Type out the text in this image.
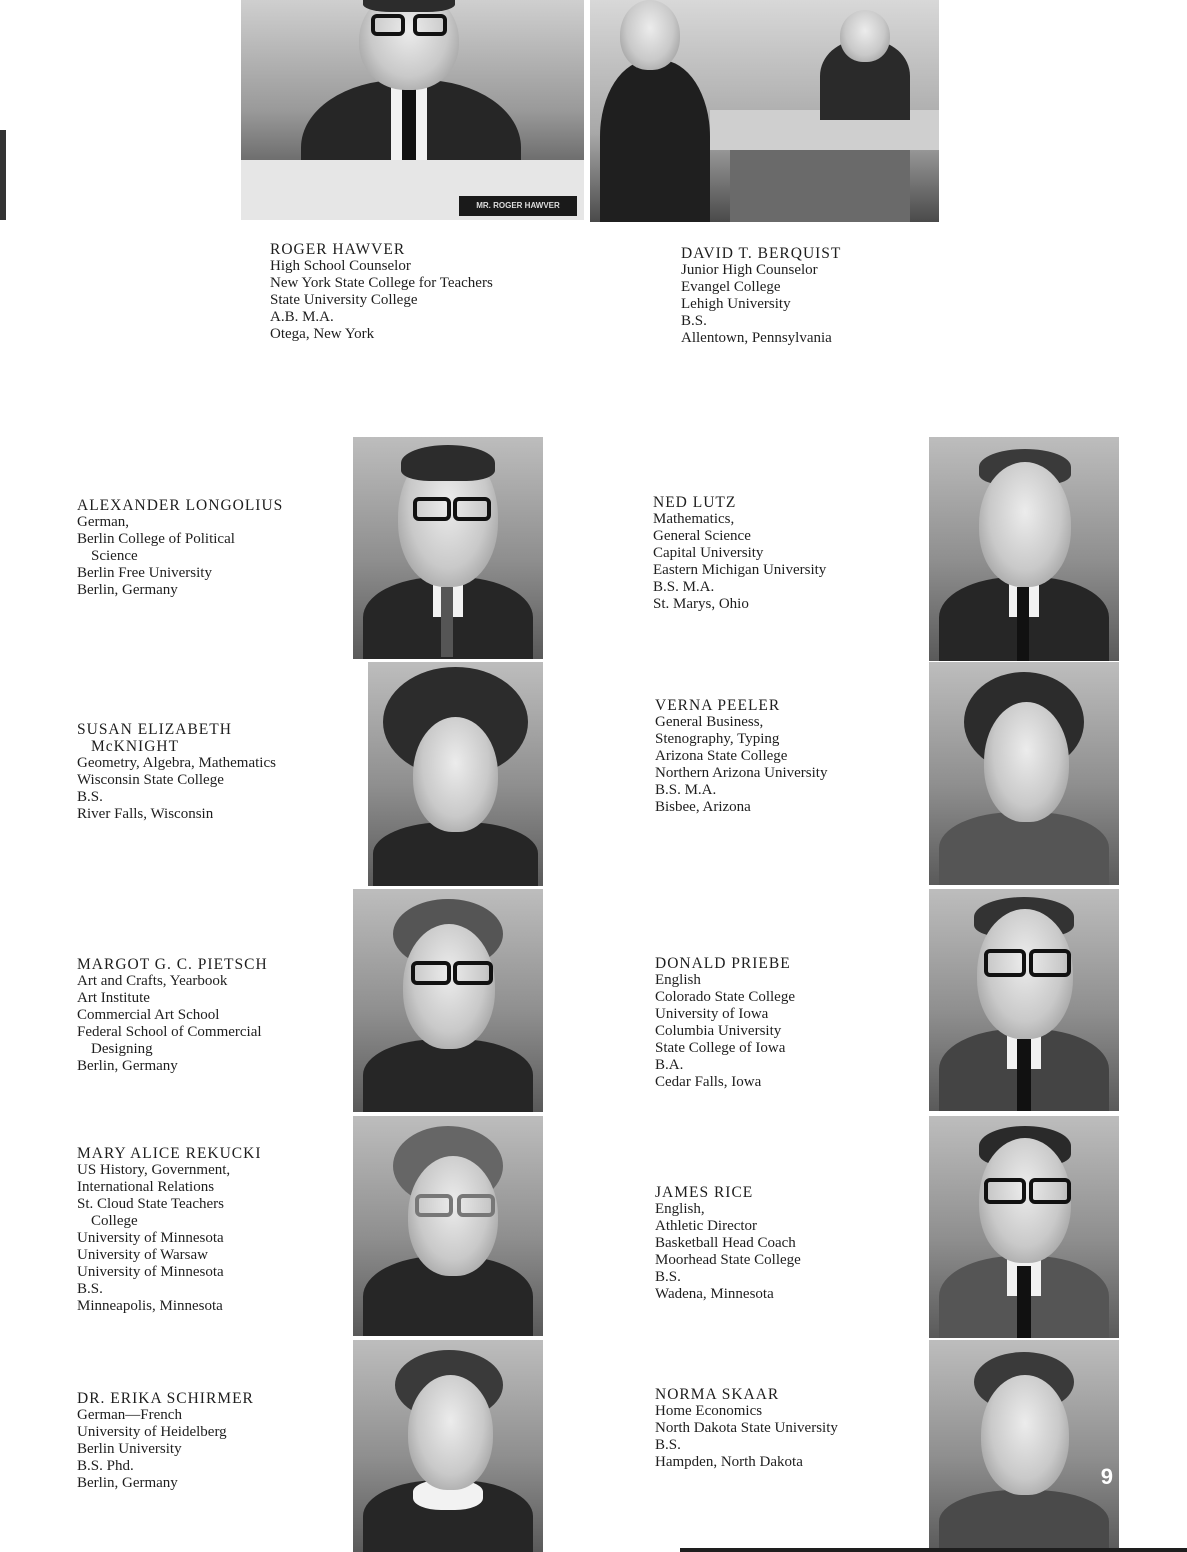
MR. ROGER HAWVER
ROGER HAWVER
High School Counselor
New York State College for Teachers
State University College
A.B. M.A.
Otega, New York
DAVID T. BERQUIST
Junior High Counselor
Evangel College
Lehigh University
B.S.
Allentown, Pennsylvania
9
ALEXANDER LONGOLIUS
German,
Berlin College of Political
Science
Berlin Free University
Berlin, Germany
SUSAN ELIZABETH
McKNIGHT
Geometry, Algebra, Mathematics
Wisconsin State College
B.S.
River Falls, Wisconsin
MARGOT G. C. PIETSCH
Art and Crafts, Yearbook
Art Institute
Commercial Art School
Federal School of Commercial
Designing
Berlin, Germany
MARY ALICE REKUCKI
US History, Government,
International Relations
St. Cloud State Teachers
College
University of Minnesota
University of Warsaw
University of Minnesota
B.S.
Minneapolis, Minnesota
DR. ERIKA SCHIRMER
German—French
University of Heidelberg
Berlin University
B.S. Phd.
Berlin, Germany
NED LUTZ
Mathematics,
General Science
Capital University
Eastern Michigan University
B.S. M.A.
St. Marys, Ohio
VERNA PEELER
General Business,
Stenography, Typing
Arizona State College
Northern Arizona University
B.S. M.A.
Bisbee, Arizona
DONALD PRIEBE
English
Colorado State College
University of Iowa
Columbia University
State College of Iowa
B.A.
Cedar Falls, Iowa
JAMES RICE
English,
Athletic Director
Basketball Head Coach
Moorhead State College
B.S.
Wadena, Minnesota
NORMA SKAAR
Home Economics
North Dakota State University
B.S.
Hampden, North Dakota
